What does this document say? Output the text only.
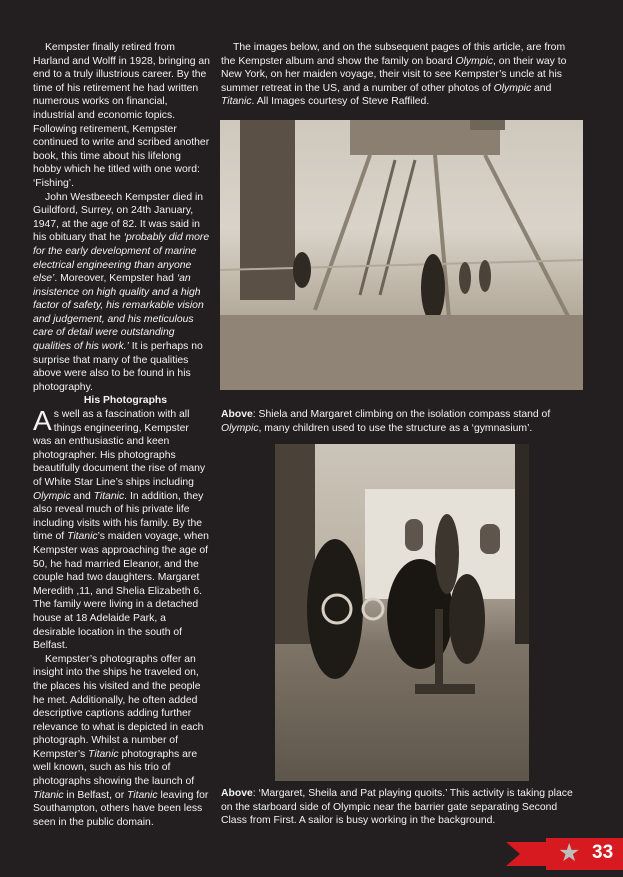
Kempster finally retired from Harland and Wolff in 1928, bringing an end to a truly illustrious career. By the time of his retirement he had written numerous works on financial, industrial and economic topics. Following retirement, Kempster continued to write and scribed another book, this time about his lifelong hobby which he titled with one word: ‘Fishing’.

John Westbeech Kempster died in Guildford, Surrey, on 24th January, 1947, at the age of 82. It was said in his obituary that he ‘probably did more for the early development of marine electrical engineering than anyone else’. Moreover, Kempster had ‘an insistence on high quality and a high factor of safety, his remarkable vision and judgement, and his meticulous care of detail were outstanding qualities of his work.’ It is perhaps no surprise that many of the qualities above were also to be found in his photography.

His Photographs

As well as a fascination with all things engineering, Kempster was an enthusiastic and keen photographer. His photographs beautifully document the rise of many of White Star Line’s ships including Olympic and Titanic. In addition, they also reveal much of his private life including visits with his family. By the time of Titanic’s maiden voyage, when Kempster was approaching the age of 50, he had married Eleanor, and the couple had two daughters. Margaret Meredith ,11, and Shelia Elizabeth 6. The family were living in a detached house at 18 Adelaide Park, a desirable location in the south of Belfast.

Kempster’s photographs offer an insight into the ships he traveled on, the places his visited and the people he met. Additionally, he often added descriptive captions adding further relevance to what is depicted in each photograph. Whilst a number of Kempster’s Titanic photographs are well known, such as his trio of photographs showing the launch of Titanic in Belfast, or Titanic leaving for Southampton, others have been less seen in the public domain.

The images below, and on the subsequent pages of this article, are from the Kempster album and show the family on board Olympic, on their way to New York, on her maiden voyage, their visit to see Kempster’s uncle at his summer retreat in the US, and a number of other photos of Olympic and Titanic. All Images courtesy of Steve Raffiled.

Above: Shiela and Margaret climbing on the isolation compass stand of Olympic, many children used to use the structure as a ‘gymnasium’.
Above: ‘Margaret, Sheila and Pat playing quoits.’ This activity is taking place on the starboard side of Olympic near the barrier gate separating Second Class from First. A sailor is busy working in the background.
★ 33
